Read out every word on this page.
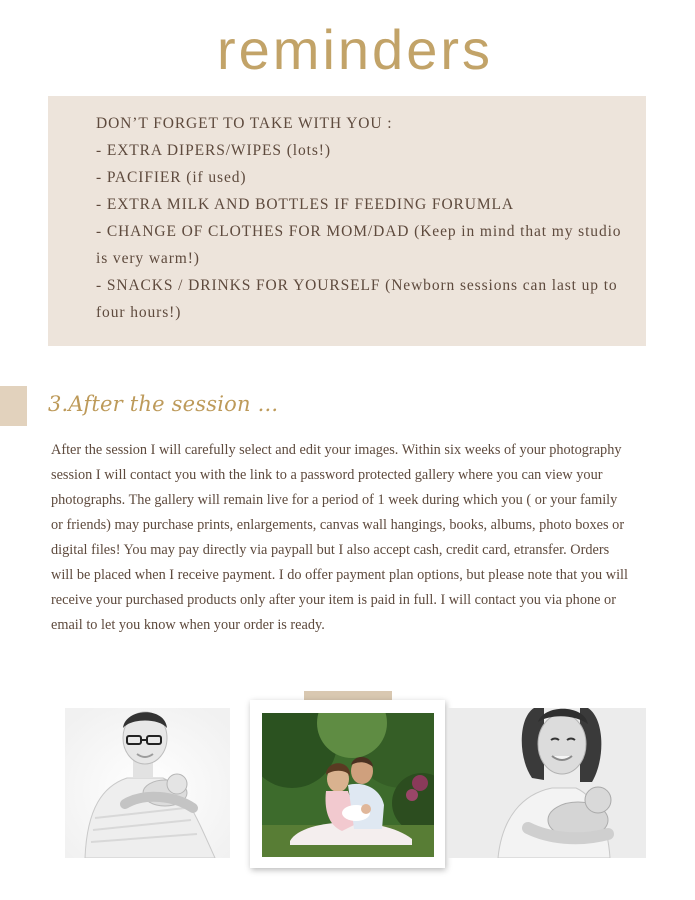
reminders
DON’T FORGET TO TAKE WITH YOU :
- EXTRA DIPERS/WIPES (lots!)
- PACIFIER (if used)
- EXTRA MILK AND BOTTLES IF FEEDING FORUMLA
- CHANGE OF CLOTHES FOR MOM/DAD (Keep in mind that my studio is very warm!)
- SNACKS / DRINKS FOR YOURSELF (Newborn sessions can last up to four hours!)
3.After the session ...

After the session I will carefully select and edit your images. Within six weeks of your photography session I will contact you with the link to a password protected gallery where you can view your photographs. The gallery will remain live for a period of 1 week during which you ( or your family or friends) may purchase prints, enlargements, canvas wall hangings, books, albums, photo boxes or digital files! You may pay directly via paypall but I also accept cash, credit card, etransfer. Orders will be placed when I receive payment. I do offer payment plan options, but please note that you will receive your purchased products only after your item is paid in full. I will contact you via phone or email to let you know when your order is ready.
